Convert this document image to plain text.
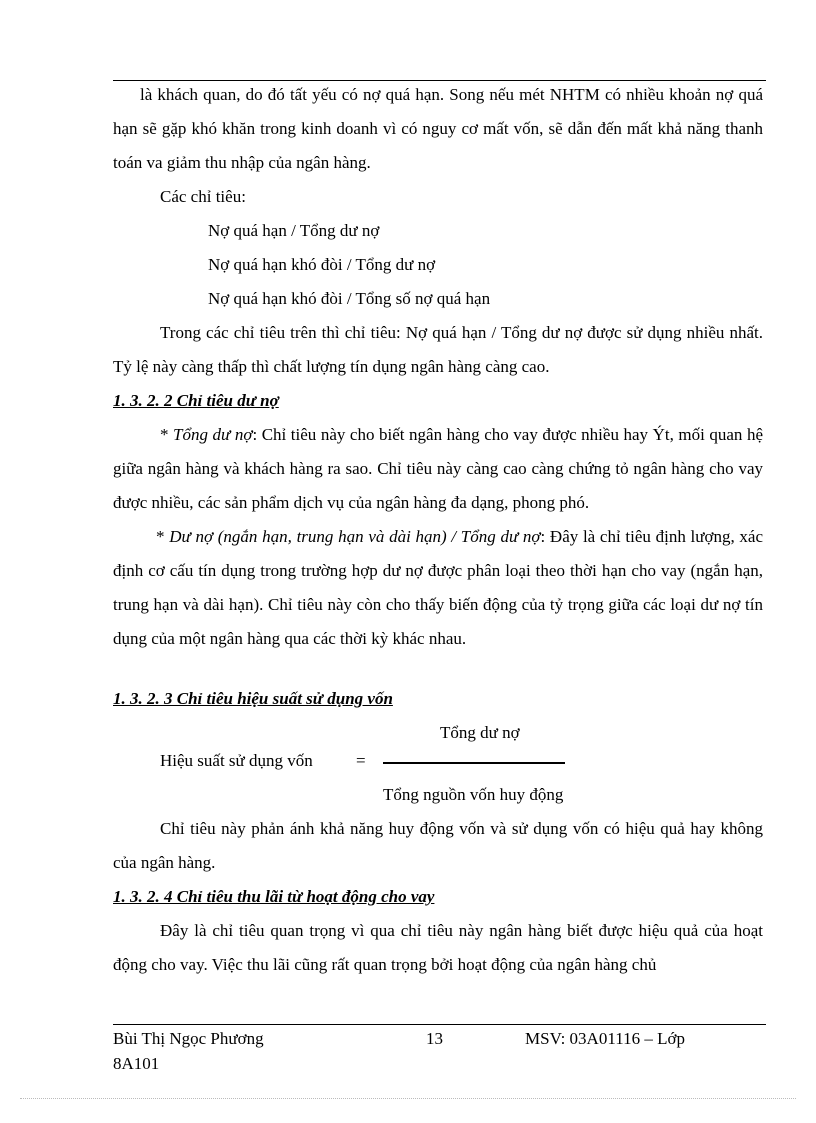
là khách quan, do đó tất yếu có nợ quá hạn. Song nếu mét NHTM có nhiều khoản nợ quá hạn sẽ gặp khó khăn trong kinh doanh vì có nguy cơ mất vốn, sẽ dẫn đến mất khả năng thanh toán va giảm thu nhập của ngân hàng.

Các chỉ tiêu:

Nợ quá hạn / Tổng dư nợ

Nợ quá hạn khó đòi / Tổng dư nợ

Nợ quá hạn khó đòi / Tổng số nợ quá hạn

Trong các chỉ tiêu trên thì chỉ tiêu: Nợ quá hạn / Tổng dư nợ được sử dụng nhiều nhất. Tỷ lệ này càng thấp thì chất lượng tín dụng ngân hàng càng cao.

1. 3. 2. 2 Chỉ tiêu dư nợ

* Tổng dư nợ: Chỉ tiêu này cho biết ngân hàng cho vay được nhiều hay Ýt, mối quan hệ giữa ngân hàng và khách hàng ra sao. Chỉ tiêu này càng cao càng chứng tỏ ngân hàng cho vay được nhiều, các sản phẩm dịch vụ của ngân hàng đa dạng, phong phó.

* Dư nợ (ngắn hạn, trung hạn và dài hạn) / Tổng dư nợ: Đây là chỉ tiêu định lượng, xác định cơ cấu tín dụng trong trường hợp dư nợ được phân loại theo thời hạn cho vay (ngắn hạn, trung hạn và dài hạn). Chỉ tiêu này còn cho thấy biến động của tỷ trọng giữa các loại dư nợ tín dụng của một ngân hàng qua các thời kỳ khác nhau.

1. 3. 2. 3 Chỉ tiêu hiệu suất sử dụng vốn

Tổng dư nợ
Hiệu suất sử dụng vốn	=
Tổng nguồn vốn huy động

Chỉ tiêu này phản ánh khả năng huy động vốn và sử dụng vốn có hiệu quả hay không của ngân hàng.

1. 3. 2. 4 Chỉ tiêu thu lãi từ hoạt động cho vay

Đây là chỉ tiêu quan trọng vì qua chỉ tiêu này ngân hàng biết được hiệu quả của hoạt động cho vay. Việc thu lãi cũng rất quan trọng bởi hoạt động của ngân hàng chủ

Bùi Thị Ngọc Phương	13	MSV: 03A01116 – Lớp
8A101
